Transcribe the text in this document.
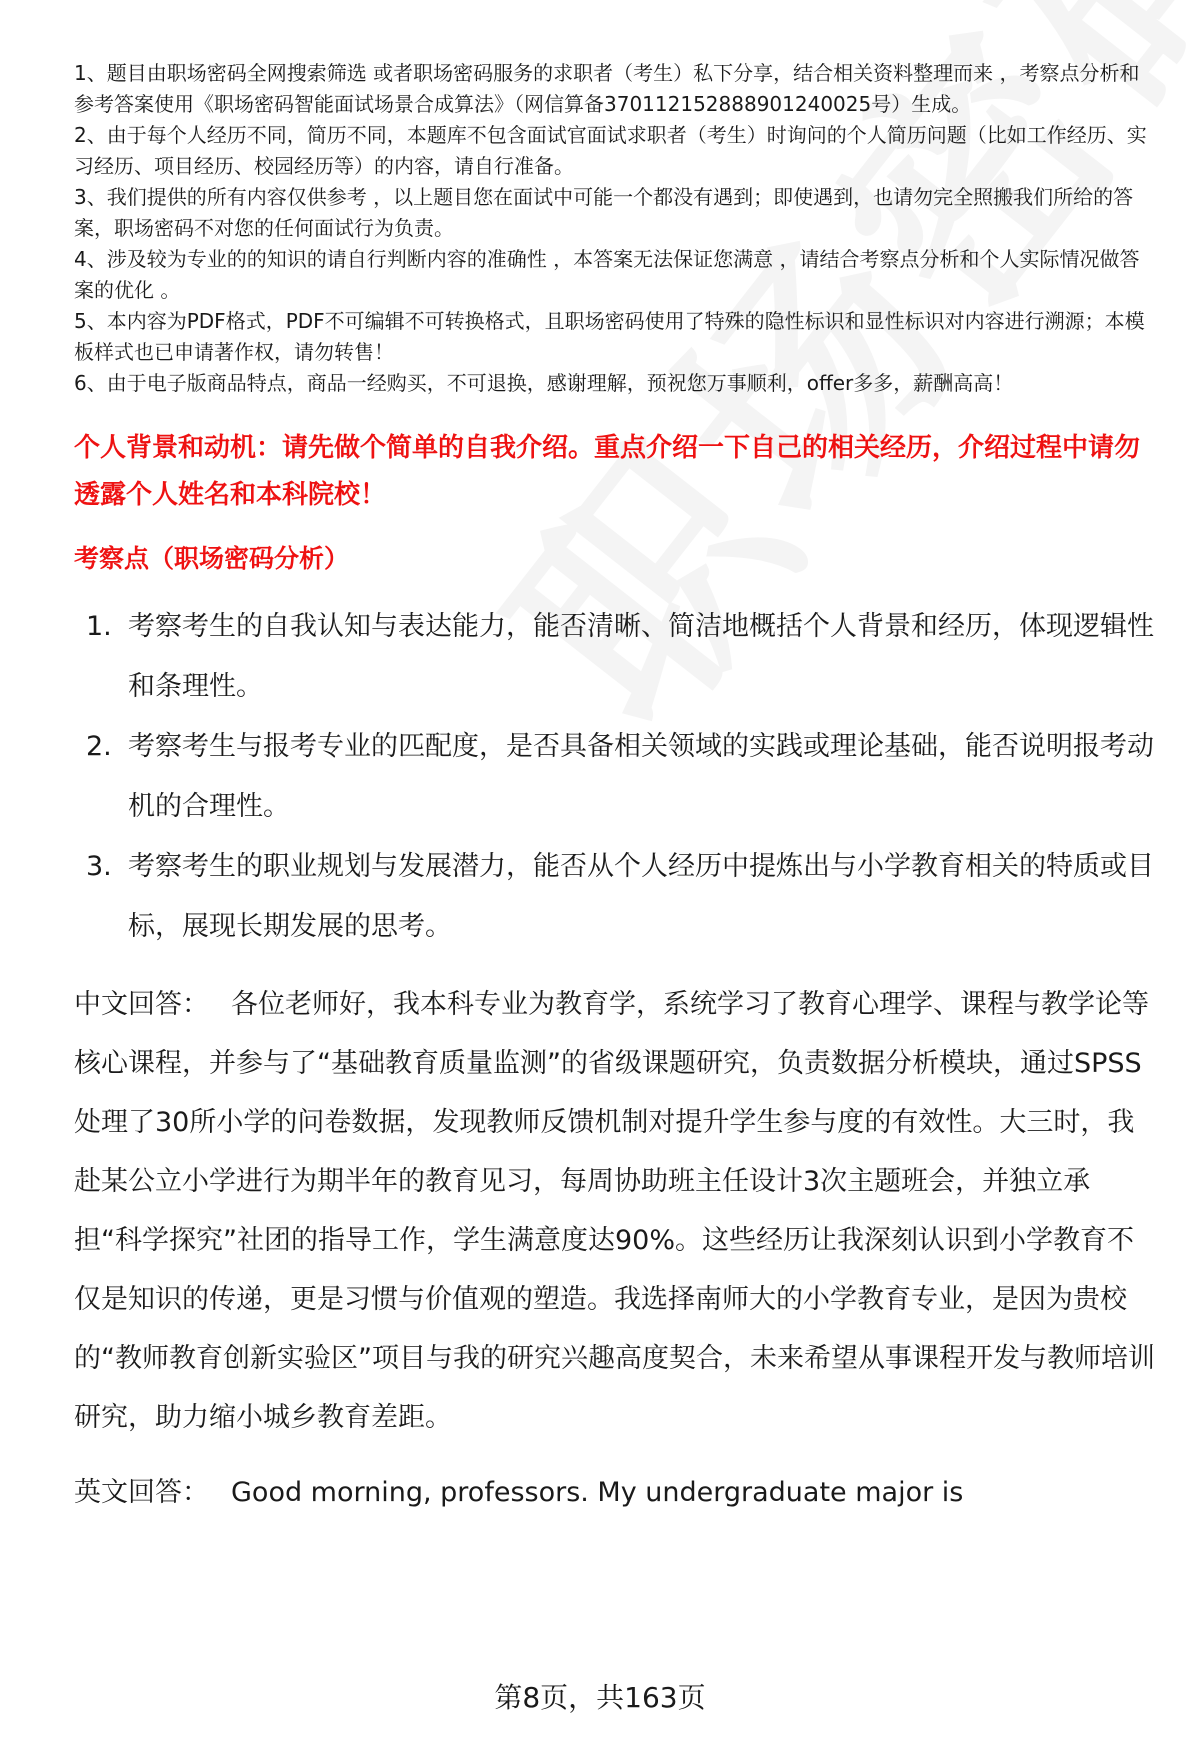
1、题目由职场密码全网搜索筛选 或者职场密码服务的求职者（考生）私下分享，结合相关资料整理而来 ，考察点分析和参考答案使用《职场密码智能面试场景合成算法》（网信算备370112152888901240025号）生成。

2、由于每个人经历不同，简历不同，本题库不包含面试官面试求职者（考生）时询问的个人简历问题（比如工作经历、实习经历、项目经历、校园经历等）的内容，请自行准备。

3、我们提供的所有内容仅供参考 ，以上题目您在面试中可能一个都没有遇到；即使遇到，也请勿完全照搬我们所给的答案，职场密码不对您的任何面试行为负责。

4、涉及较为专业的的知识的请自行判断内容的准确性 ，本答案无法保证您满意 ，请结合考察点分析和个人实际情况做答案的优化 。

5、本内容为PDF格式，PDF不可编辑不可转换格式，且职场密码使用了特殊的隐性标识和显性标识对内容进行溯源；本模板样式也已申请著作权，请勿转售！

6、由于电子版商品特点，商品一经购买，不可退换，感谢理解，预祝您万事顺利，offer多多，薪酬高高！

个人背景和动机：请先做个简单的自我介绍。重点介绍一下自己的相关经历，介绍过程中请勿透露个人姓名和本科院校！
考察点（职场密码分析）
1. 考察考生的自我认知与表达能力，能否清晰、简洁地概括个人背景和经历，体现逻辑性和条理性。
2. 考察考生与报考专业的匹配度，是否具备相关领域的实践或理论基础，能否说明报考动机的合理性。
3. 考察考生的职业规划与发展潜力，能否从个人经历中提炼出与小学教育相关的特质或目标，展现长期发展的思考。
中文回答： 各位老师好，我本科专业为教育学，系统学习了教育心理学、课程与教学论等核心课程，并参与了“基础教育质量监测”的省级课题研究，负责数据分析模块，通过SPSS处理了30所小学的问卷数据，发现教师反馈机制对提升学生参与度的有效性。大三时，我赴某公立小学进行为期半年的教育见习，每周协助班主任设计3次主题班会，并独立承担“科学探究”社团的指导工作，学生满意度达90%。这些经历让我深刻认识到小学教育不仅是知识的传递，更是习惯与价值观的塑造。我选择南师大的小学教育专业，是因为贵校的“教师教育创新实验区”项目与我的研究兴趣高度契合，未来希望从事课程开发与教师培训研究，助力缩小城乡教育差距。
英文回答： Good morning, professors. My undergraduate major is
第8页，共163页
